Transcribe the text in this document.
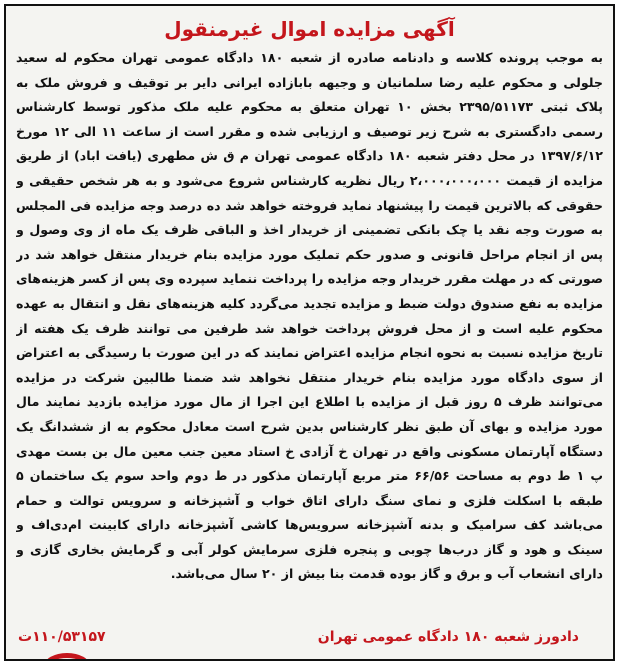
آگهی مزایده اموال غیرمنقول

به موجب پرونده کلاسه و دادنامه صادره از شعبه ۱۸۰ دادگاه عمومی تهران محکوم له سعید جلولی و محکوم علیه رضا سلمانیان و وجیهه بابازاده ایرانی دایر بر توقیف و فروش ملک به پلاک ثبتی ۲۳۹۵/۵۱۱۷۳ بخش ۱۰ تهران متعلق به محکوم علیه ملک مذکور توسط کارشناس رسمی دادگستری به شرح زیر توصیف و ارزیابی شده و مقرر است از ساعت ۱۱ الی ۱۲ مورخ ۱۳۹۷/۶/۱۲ در محل دفتر شعبه ۱۸۰ دادگاه عمومی تهران م ق ش مطهری (یافت اباد) از طریق مزایده از قیمت ۲،۰۰۰،۰۰۰،۰۰۰ ریال نظریه کارشناس شروع می‌شود و به هر شخص حقیقی و حقوقی که بالاترین قیمت را پیشنهاد نماید فروخته خواهد شد ده درصد وجه مزایده فی المجلس به صورت وجه نقد یا چک بانکی تضمینی از خریدار اخذ و الباقی ظرف یک ماه از وی وصول و پس از انجام مراحل قانونی و صدور حکم تملیک مورد مزایده بنام خریدار منتقل خواهد شد در صورتی که در مهلت مقرر خریدار وجه مزایده را پرداخت ننماید سپرده وی پس از کسر هزینه‌های مزایده به نفع صندوق دولت ضبط و مزایده تجدید می‌گردد کلیه هزینه‌های نقل و انتقال به عهده محکوم علیه است و از محل فروش پرداخت خواهد شد طرفین می توانند ظرف یک هفته از تاریخ مزایده نسبت به نحوه انجام مزایده اعتراض نمایند که در این صورت با رسیدگی به اعتراض از سوی دادگاه مورد مزایده بنام خریدار منتقل نخواهد شد ضمنا طالبین شرکت در مزایده می‌توانند ظرف ۵ روز قبل از مزایده با اطلاع این اجرا از مال مورد مزایده بازدید نمایند مال مورد مزایده و بهای آن طبق نظر کارشناس بدین شرح است معادل محکوم به از ششدانگ یک دستگاه آپارتمان مسکونی واقع در تهران خ آزادی خ استاد معین جنب معین مال بن بست مهدی پ ۱ ط دوم به مساحت ۶۶/۵۶ متر مربع آپارتمان مذکور در ط دوم واحد سوم یک ساختمان ۵ طبقه با اسکلت فلزی و نمای سنگ دارای اتاق خواب و آشپزخانه و سرویس توالت و حمام می‌باشد کف سرامیک و بدنه آشپزخانه سرویس‌ها کاشی آشپزخانه دارای کابینت ام‌دی‌اف و سینک و هود و گاز درب‌ها چوبی و پنجره فلزی سرمایش کولر آبی و گرمایش بخاری گازی و دارای انشعاب آب و برق و گاز بوده قدمت بنا بیش از ۲۰ سال می‌باشد.

دادورز شعبه ۱۸۰ دادگاه عمومی تهران
۱۱۰/۵۳۱۵۷ت
